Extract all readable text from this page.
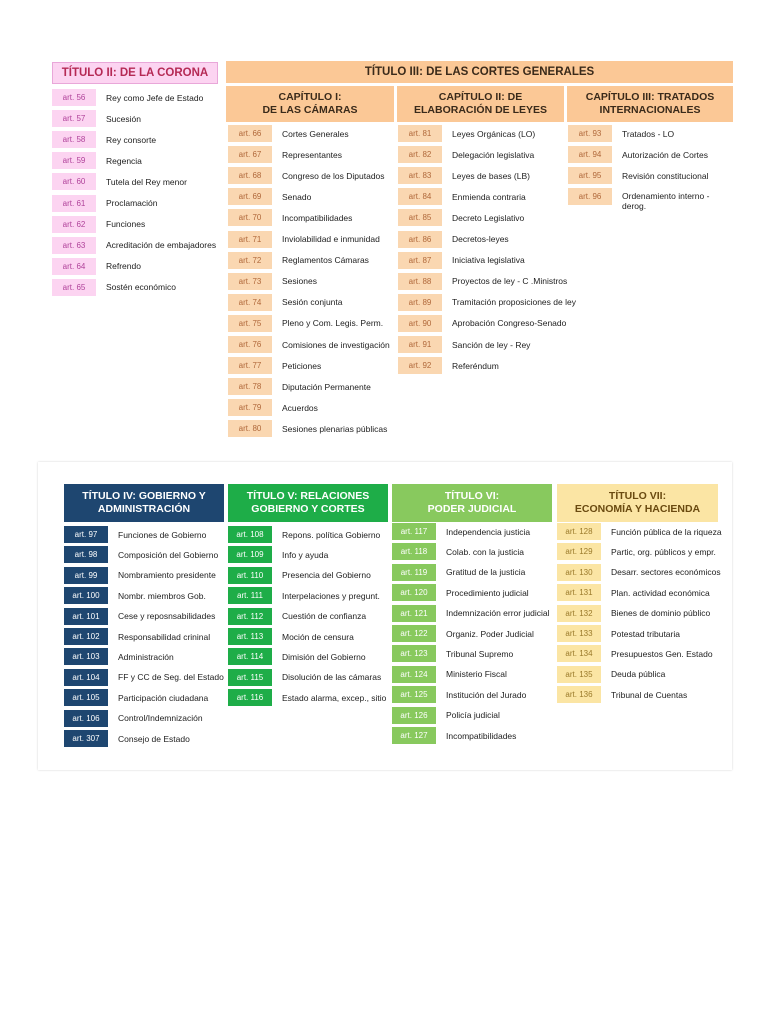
TÍTULO II: DE LA CORONA
art. 56	Rey como Jefe de Estado
art. 57	Sucesión
art. 58	Rey consorte
art. 59	Regencia
art. 60	Tutela del Rey menor
art. 61	Proclamación
art. 62	Funciones
art. 63	Acreditación de embajadores
art. 64	Refrendo
art. 65	Sostén económico
TÍTULO III: DE LAS CORTES GENERALES
CAPÍTULO I:
DE LAS CÁMARAS
CAPÍTULO II: DE
ELABORACIÓN DE LEYES
CAPÍTULO III: TRATADOS
INTERNACIONALES
art. 66	Cortes Generales
art. 67	Representantes
art. 68	Congreso de los Diputados
art. 69	Senado
art. 70	Incompatibilidades
art. 71	Inviolabilidad e inmunidad
art. 72	Reglamentos Cámaras
art. 73	Sesiones
art. 74	Sesión conjunta
art. 75	Pleno y Com. Legis. Perm.
art. 76	Comisiones de investigación
art. 77	Peticiones
art. 78	Diputación Permanente
art. 79	Acuerdos
art. 80	Sesiones plenarias públicas
art. 81	Leyes Orgánicas (LO)
art. 82	Delegación legislativa
art. 83	Leyes de bases (LB)
art. 84	Enmienda contraria
art. 85	Decreto Legislativo
art. 86	Decretos-leyes
art. 87	Iniciativa legislativa
art. 88	Proyectos de ley - C .Ministros
art. 89	Tramitación proposiciones de ley
art. 90	Aprobación Congreso-Senado
art. 91	Sanción de ley - Rey
art. 92	Referéndum
art. 93	Tratados - LO
art. 94	Autorización de Cortes
art. 95	Revisión constitucional
art. 96	Ordenamiento interno -
derog.
TÍTULO IV: GOBIERNO Y
ADMINISTRACIÓN
TÍTULO V: RELACIONES
GOBIERNO Y CORTES
TÍTULO VI:
PODER JUDICIAL
TÍTULO VII:
ECONOMÍA Y HACIENDA
art. 97	Funciones de Gobierno
art. 98	Composición del Gobierno
art. 99	Nombramiento presidente
art. 100	Nombr. miembros Gob.
art. 101	Cese y reposnsabilidades
art. 102	Responsabilidad crininal
art. 103	Administración
art. 104	FF y CC de Seg. del Estado
art. 105	Participación ciudadana
art. 106	Control/Indemnización
art. 307	Consejo de Estado
art. 108	Repons. política Gobierno
art. 109	Info y ayuda
art. 110	Presencia del Gobierno
art. 111	Interpelaciones y pregunt.
art. 112	Cuestión de confianza
art. 113	Moción de censura
art. 114	Dimisión del Gobierno
art. 115	Disolución de las cámaras
art. 116	Estado alarma, excep., sitio
art. 117	Independencia justicia
art. 118	Colab. con la justicia
art. 119	Gratitud de la justicia
art. 120	Procedimiento judicial
art. 121	Indemnización error judicial
art. 122	Organiz. Poder Judicial
art. 123	Tribunal Supremo
art. 124	Ministerio Fiscal
art. 125	Institución del Jurado
art. 126	Policía judicial
art. 127	Incompatibilidades
art. 128	Función pública de la riqueza
art. 129	Partic, org. públicos y empr.
art. 130	Desarr. sectores económicos
art. 131	Plan. actividad económica
art. 132	Bienes de dominio público
art. 133	Potestad tributaria
art. 134	Presupuestos Gen. Estado
art. 135	Deuda pública
art. 136	Tribunal de Cuentas
